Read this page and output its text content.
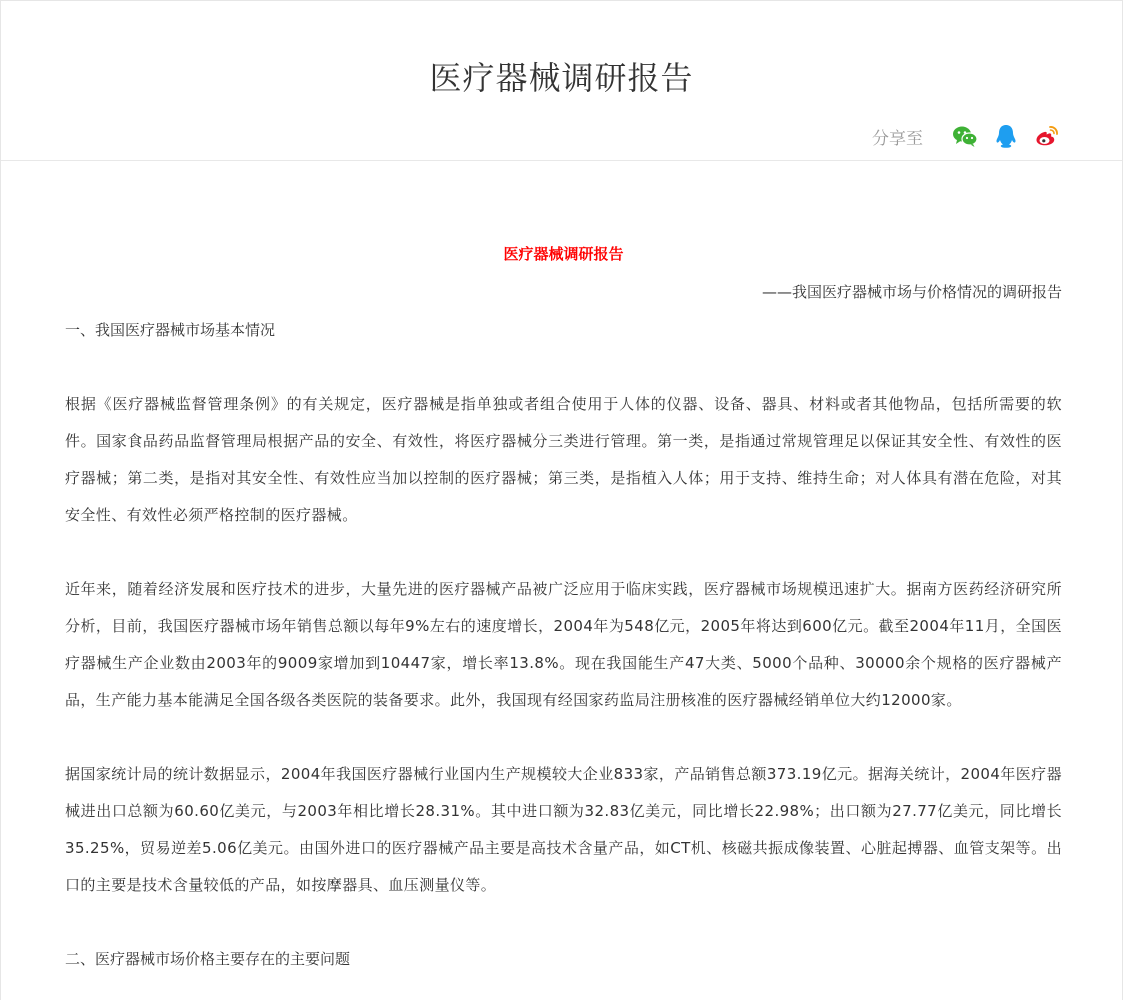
医疗器械调研报告
分享至

医疗器械调研报告

——我国医疗器械市场与价格情况的调研报告

一、我国医疗器械市场基本情况

根据《医疗器械监督管理条例》的有关规定，医疗器械是指单独或者组合使用于人体的仪器、设备、器具、材料或者其他物品，包括所需要的软件。国家食品药品监督管理局根据产品的安全、有效性，将医疗器械分三类进行管理。第一类，是指通过常规管理足以保证其安全性、有效性的医疗器械；第二类，是指对其安全性、有效性应当加以控制的医疗器械；第三类，是指植入人体；用于支持、维持生命；对人体具有潜在危险，对其安全性、有效性必须严格控制的医疗器械。

近年来，随着经济发展和医疗技术的进步，大量先进的医疗器械产品被广泛应用于临床实践，医疗器械市场规模迅速扩大。据南方医药经济研究所分析，目前，我国医疗器械市场年销售总额以每年9%左右的速度增长，2004年为548亿元，2005年将达到600亿元。截至2004年11月，全国医疗器械生产企业数由2003年的9009家增加到10447家，增长率13.8%。现在我国能生产47大类、5000个品种、30000余个规格的医疗器械产品，生产能力基本能满足全国各级各类医院的装备要求。此外，我国现有经国家药监局注册核准的医疗器械经销单位大约12000家。

据国家统计局的统计数据显示，2004年我国医疗器械行业国内生产规模较大企业833家，产品销售总额373.19亿元。据海关统计，2004年医疗器械进出口总额为60.60亿美元，与2003年相比增长28.31%。其中进口额为32.83亿美元，同比增长22.98%；出口额为27.77亿美元，同比增长35.25%，贸易逆差5.06亿美元。由国外进口的医疗器械产品主要是高技术含量产品，如CT机、核磁共振成像装置、心脏起搏器、血管支架等。出口的主要是技术含量较低的产品，如按摩器具、血压测量仪等。

二、医疗器械市场价格主要存在的主要问题
